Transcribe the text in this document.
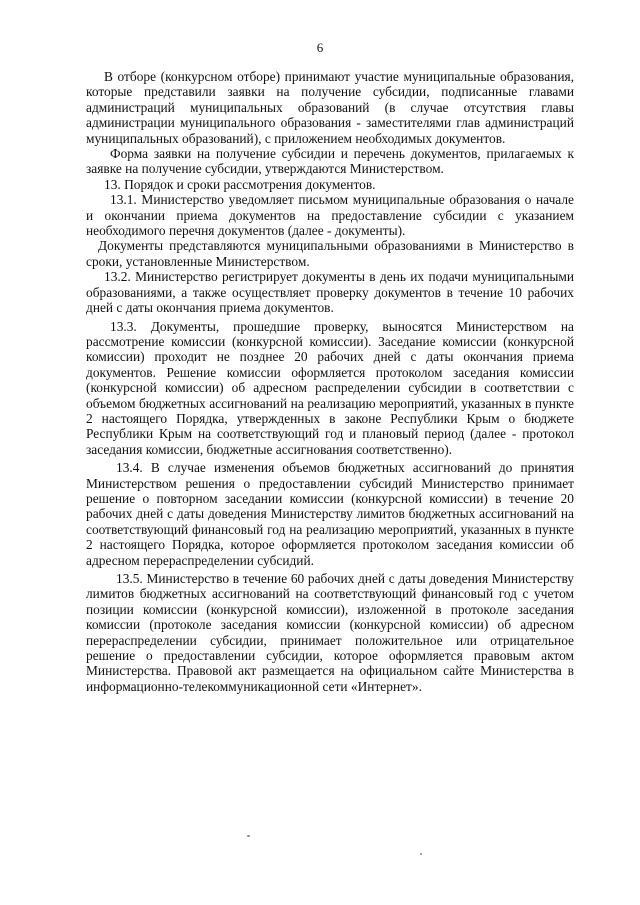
6

В отборе (конкурсном отборе) принимают участие муниципальные образования, которые представили заявки на получение субсидии, подписанные главами администраций муниципальных образований (в случае отсутствия главы администрации муниципального образования - заместителями глав администраций муниципальных образований), с приложением необходимых документов.

Форма заявки на получение субсидии и перечень документов, прилагаемых к заявке на получение субсидии, утверждаются Министерством.

13. Порядок и сроки рассмотрения документов.

13.1. Министерство уведомляет письмом муниципальные образования о начале и окончании приема документов на предоставление субсидии с указанием необходимого перечня документов (далее - документы).

Документы представляются муниципальными образованиями в Министерство в сроки, установленные Министерством.

13.2. Министерство регистрирует документы в день их подачи муниципальными образованиями, а также осуществляет проверку документов в течение 10 рабочих дней с даты окончания приема документов.

13.3. Документы, прошедшие проверку, выносятся Министерством на рассмотрение комиссии (конкурсной комиссии). Заседание комиссии (конкурсной комиссии) проходит не позднее 20 рабочих дней с даты окончания приема документов. Решение комиссии оформляется протоколом заседания комиссии (конкурсной комиссии) об адресном распределении субсидии в соответствии с объемом бюджетных ассигнований на реализацию мероприятий, указанных в пункте 2 настоящего Порядка, утвержденных в законе Республики Крым о бюджете Республики Крым на соответствующий год и плановый период (далее - протокол заседания комиссии, бюджетные ассигнования соответственно).

13.4. В случае изменения объемов бюджетных ассигнований до принятия Министерством решения о предоставлении субсидий Министерство принимает решение о повторном заседании комиссии (конкурсной комиссии) в течение 20 рабочих дней с даты доведения Министерству лимитов бюджетных ассигнований на соответствующий финансовый год на реализацию мероприятий, указанных в пункте 2 настоящего Порядка, которое оформляется протоколом заседания комиссии об адресном перераспределении субсидий.

13.5. Министерство в течение 60 рабочих дней с даты доведения Министерству лимитов бюджетных ассигнований на соответствующий финансовый год с учетом позиции комиссии (конкурсной комиссии), изложенной в протоколе заседания комиссии (протоколе заседания комиссии (конкурсной комиссии) об адресном перераспределении субсидии, принимает положительное или отрицательное решение о предоставлении субсидии, которое оформляется правовым актом Министерства. Правовой акт размещается на официальном сайте Министерства в информационно-телекоммуникационной сети «Интернет».
